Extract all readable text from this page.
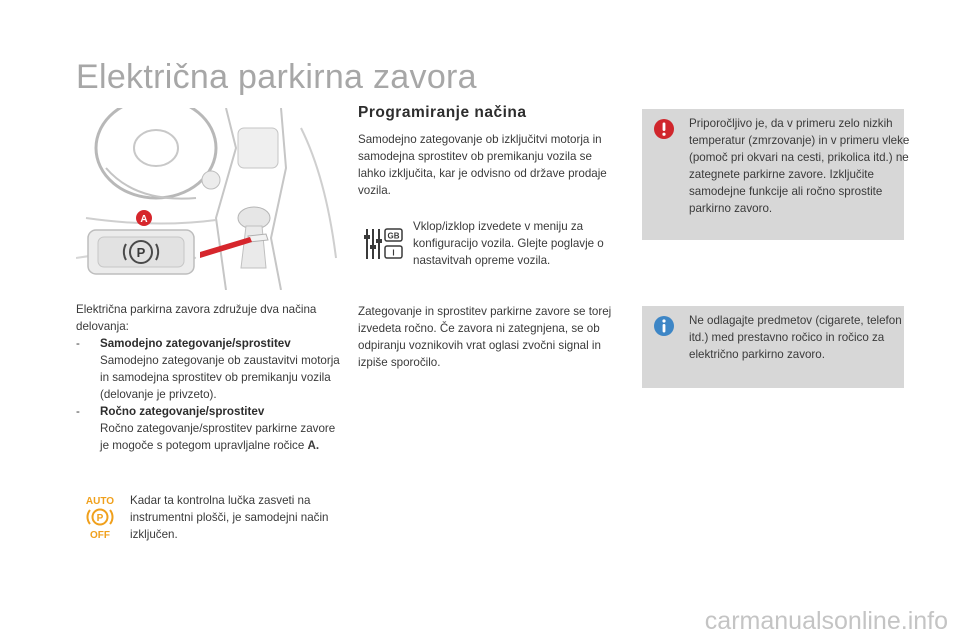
Električna parkirna zavora
P
A

Električna parkirna zavora združuje dva načina delovanja:

- Samodejno zategovanje/sprostitev
Samodejno zategovanje ob zaustavitvi motorja in samodejna sprostitev ob premikanju vozila (delovanje je privzeto).
- Ročno zategovanje/sprostitev
Ročno zategovanje/sprostitev parkirne zavore je mogoče s potegom upravljalne ročice A.
AUTO
P
OFF

Kadar ta kontrolna lučka zasveti na instrumentni plošči, je samodejni način izključen.

Programiranje načina

Samodejno zategovanje ob izključitvi motorja in samodejna sprostitev ob premikanju vozila se lahko izključita, kar je odvisno od države prodaje vozila.

GB
I

Vklop/izklop izvedete v meniju za konfiguracijo vozila. Glejte poglavje o nastavitvah opreme vozila.

Zategovanje in sprostitev parkirne zavore se torej izvedeta ročno. Če zavora ni zategnjena, se ob odpiranju voznikovih vrat oglasi zvočni signal in izpiše sporočilo.

Priporočljivo je, da v primeru zelo nizkih temperatur (zmrzovanje) in v primeru vleke (pomoč pri okvari na cesti, prikolica itd.) ne zategnete parkirne zavore. Izključite samodejne funkcije ali ročno sprostite parkirno zavoro.

Ne odlagajte predmetov (cigarete, telefon itd.) med prestavno ročico in ročico za električno parkirno zavoro.

carmanualsonline.info
